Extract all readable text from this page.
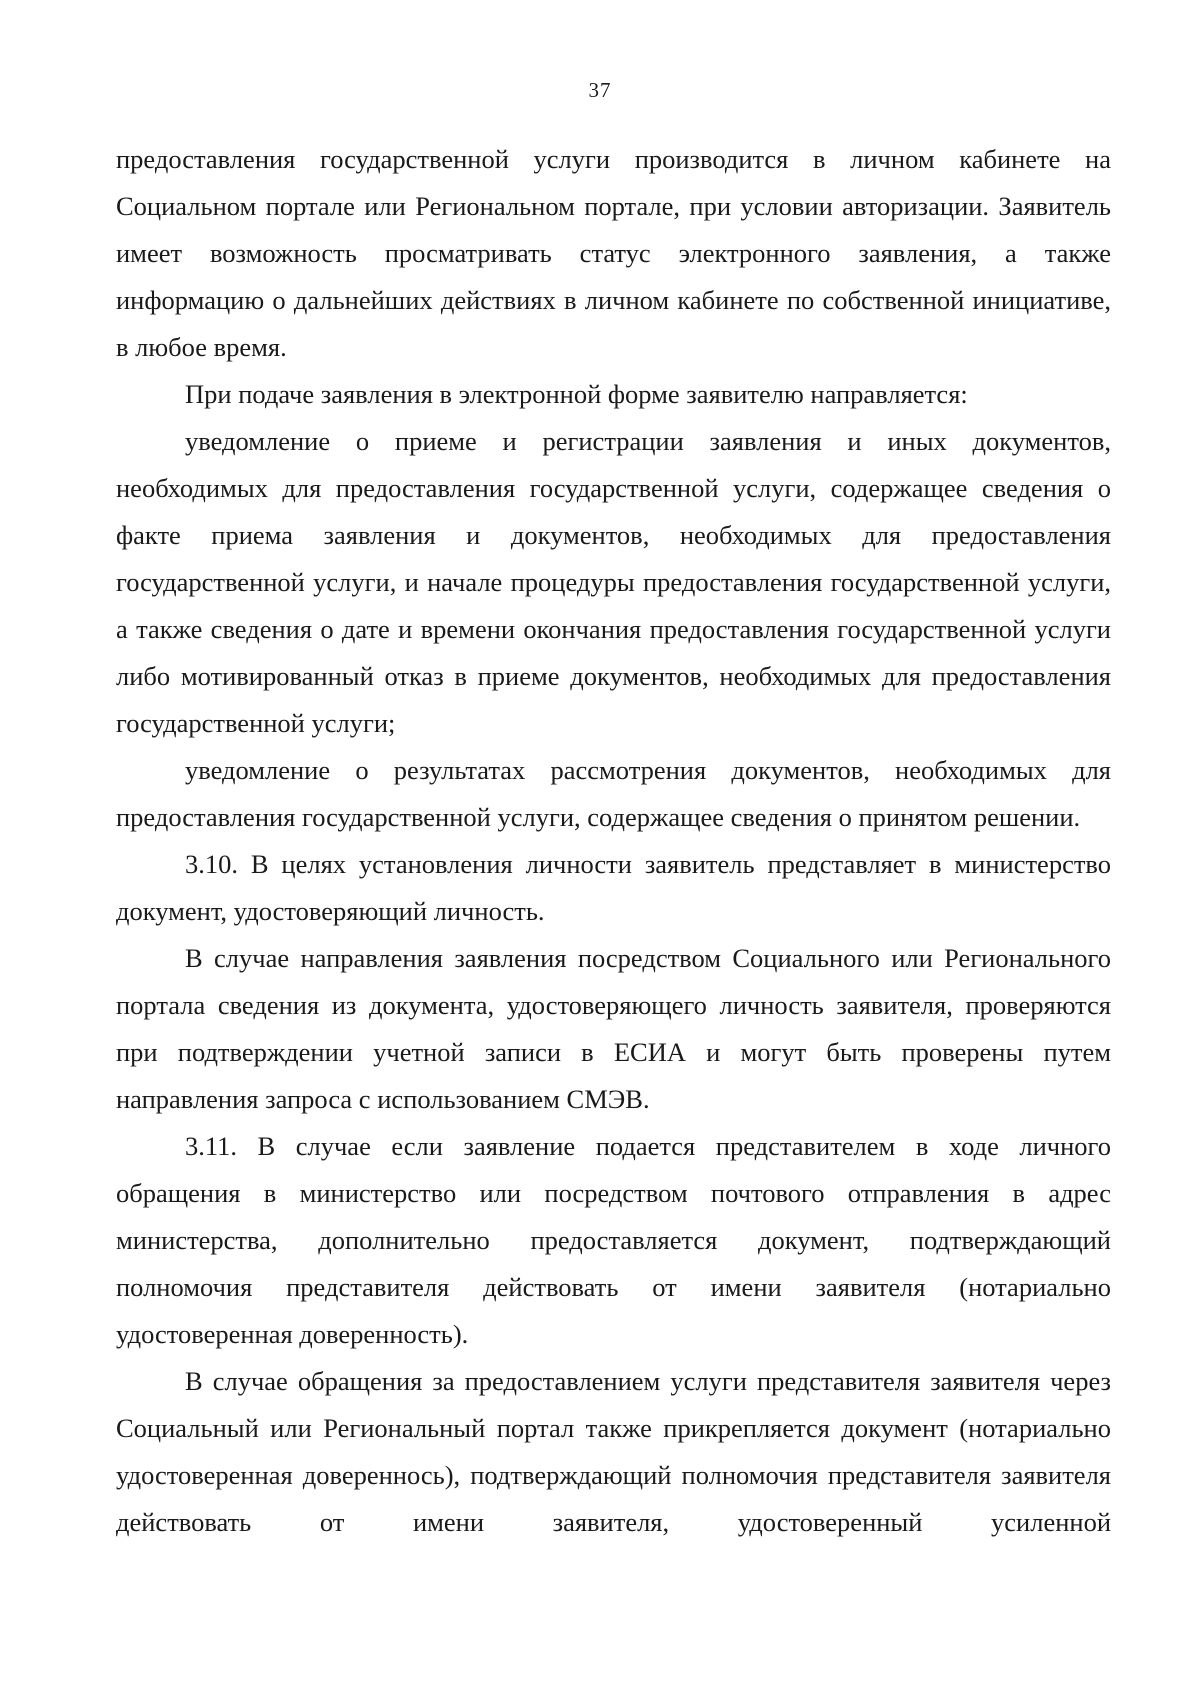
37

предоставления государственной услуги производится в личном кабинете на Социальном портале или Региональном портале, при условии авторизации. Заявитель имеет возможность просматривать статус электронного заявления, а также информацию о дальнейших действиях в личном кабинете по собственной инициативе, в любое время.

При подаче заявления в электронной форме заявителю направляется:

уведомление о приеме и регистрации заявления и иных документов, необходимых для предоставления государственной услуги, содержащее сведения о факте приема заявления и документов, необходимых для предоставления государственной услуги, и начале процедуры предоставления государственной услуги, а также сведения о дате и времени окончания предоставления государственной услуги либо мотивированный отказ в приеме документов, необходимых для предоставления государственной услуги;

уведомление о результатах рассмотрения документов, необходимых для предоставления государственной услуги, содержащее сведения о принятом решении.

3.10. В целях установления личности заявитель представляет в министерство документ, удостоверяющий личность.

В случае направления заявления посредством Социального или Регионального портала сведения из документа, удостоверяющего личность заявителя, проверяются при подтверждении учетной записи в ЕСИА и могут быть проверены путем направления запроса с использованием СМЭВ.

3.11. В случае если заявление подается представителем в ходе личного обращения в министерство или посредством почтового отправления в адрес министерства, дополнительно предоставляется документ, подтверждающий полномочия представителя действовать от имени заявителя (нотариально удостоверенная доверенность).

В случае обращения за предоставлением услуги представителя заявителя через Социальный или Региональный портал также прикрепляется документ (нотариально удостоверенная довереннось), подтверждающий полномочия представителя заявителя действовать от имени заявителя, удостоверенный усиленной
